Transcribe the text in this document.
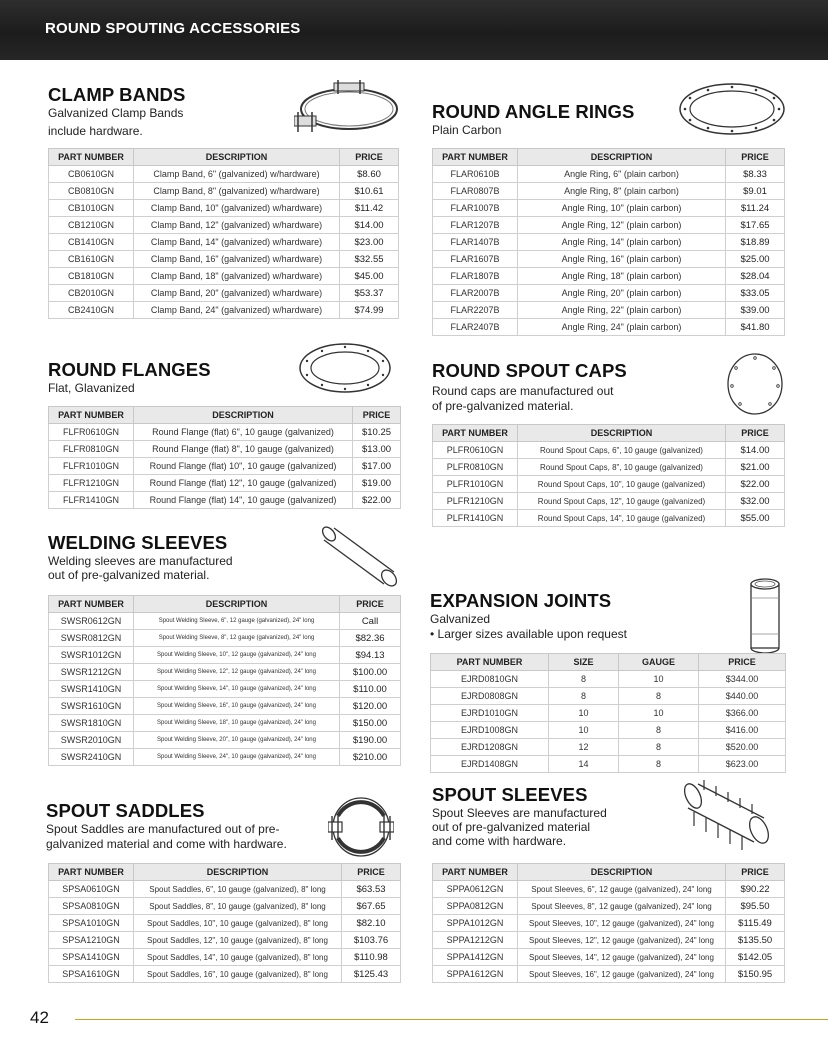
ROUND SPOUTING ACCESSORIES
CLAMP BANDS
Galvanized Clamp Bands
include hardware.
PART NUMBER	DESCRIPTION	PRICE
CB0610GN	Clamp Band, 6" (galvanized) w/hardware)	$8.60
CB0810GN	Clamp Band, 8" (galvanized) w/hardware)	$10.61
CB1010GN	Clamp Band, 10" (galvanized) w/hardware)	$11.42
CB1210GN	Clamp Band, 12" (galvanized) w/hardware)	$14.00
CB1410GN	Clamp Band, 14" (galvanized) w/hardware)	$23.00
CB1610GN	Clamp Band, 16" (galvanized) w/hardware)	$32.55
CB1810GN	Clamp Band, 18" (galvanized) w/hardware)	$45.00
CB2010GN	Clamp Band, 20" (galvanized) w/hardware)	$53.37
CB2410GN	Clamp Band, 24" (galvanized) w/hardware)	$74.99
ROUND ANGLE RINGS
Plain Carbon
PART NUMBER	DESCRIPTION	PRICE
FLAR0610B	Angle Ring, 6" (plain carbon)	$8.33
FLAR0807B	Angle Ring, 8" (plain carbon)	$9.01
FLAR1007B	Angle Ring, 10" (plain carbon)	$11.24
FLAR1207B	Angle Ring, 12" (plain carbon)	$17.65
FLAR1407B	Angle Ring, 14" (plain carbon)	$18.89
FLAR1607B	Angle Ring, 16" (plain carbon)	$25.00
FLAR1807B	Angle Ring, 18" (plain carbon)	$28.04
FLAR2007B	Angle Ring, 20" (plain carbon)	$33.05
FLAR2207B	Angle Ring, 22" (plain carbon)	$39.00
FLAR2407B	Angle Ring, 24" (plain carbon)	$41.80
ROUND FLANGES
Flat, Glavanized
PART NUMBER	DESCRIPTION	PRICE
FLFR0610GN	Round Flange (flat) 6", 10 gauge (galvanized)	$10.25
FLFR0810GN	Round Flange (flat) 8", 10 gauge (galvanized)	$13.00
FLFR1010GN	Round Flange (flat) 10", 10 gauge (galvanized)	$17.00
FLFR1210GN	Round Flange (flat) 12", 10 gauge (galvanized)	$19.00
FLFR1410GN	Round Flange (flat) 14", 10 gauge (galvanized)	$22.00
ROUND SPOUT CAPS
Round caps are manufactured out
of pre-galvanized material.
PART NUMBER	DESCRIPTION	PRICE
PLFR0610GN	Round Spout Caps, 6", 10 gauge (galvanized)	$14.00
PLFR0810GN	Round Spout Caps, 8", 10 gauge (galvanized)	$21.00
PLFR1010GN	Round Spout Caps, 10", 10 gauge (galvanized)	$22.00
PLFR1210GN	Round Spout Caps, 12", 10 gauge (galvanized)	$32.00
PLFR1410GN	Round Spout Caps, 14", 10 gauge (galvanized)	$55.00
WELDING SLEEVES
Welding sleeves are manufactured
out of pre-galvanized material.
PART NUMBER	DESCRIPTION	PRICE
SWSR0612GN	Spout Welding Sleeve, 6", 12 gauge (galvanized), 24" long	Call
SWSR0812GN	Spout Welding Sleeve, 8", 12 gauge (galvanized), 24" long	$82.36
SWSR1012GN	Spout Welding Sleeve, 10", 12 gauge (galvanized), 24" long	$94.13
SWSR1212GN	Spout Welding Sleeve, 12", 12 gauge (galvanized), 24" long	$100.00
SWSR1410GN	Spout Welding Sleeve, 14", 10 gauge (galvanized), 24" long	$110.00
SWSR1610GN	Spout Welding Sleeve, 16", 10 gauge (galvanized), 24" long	$120.00
SWSR1810GN	Spout Welding Sleeve, 18", 10 gauge (galvanized), 24" long	$150.00
SWSR2010GN	Spout Welding Sleeve, 20", 10 gauge (galvanized), 24" long	$190.00
SWSR2410GN	Spout Welding Sleeve, 24", 10 gauge (galvanized), 24" long	$210.00
EXPANSION JOINTS
Galvanized
• Larger sizes available upon request
PART NUMBER	SIZE	GAUGE	PRICE
EJRD0810GN	8	10	$344.00
EJRD0808GN	8	8	$440.00
EJRD1010GN	10	10	$366.00
EJRD1008GN	10	8	$416.00
EJRD1208GN	12	8	$520.00
EJRD1408GN	14	8	$623.00
SPOUT SADDLES
Spout Saddles are manufactured out of pre-
galvanized material and come with hardware.
PART NUMBER	DESCRIPTION	PRICE
SPSA0610GN	Spout Saddles, 6", 10 gauge (galvanized), 8" long	$63.53
SPSA0810GN	Spout Saddles, 8", 10 gauge (galvanized), 8" long	$67.65
SPSA1010GN	Spout Saddles, 10", 10 gauge (galvanized), 8" long	$82.10
SPSA1210GN	Spout Saddles, 12", 10 gauge (galvanized), 8" long	$103.76
SPSA1410GN	Spout Saddles, 14", 10 gauge (galvanized), 8" long	$110.98
SPSA1610GN	Spout Saddles, 16", 10 gauge (galvanized), 8" long	$125.43
SPOUT SLEEVES
Spout Sleeves are manufactured
out of pre-galvanized material
and come with hardware.
PART NUMBER	DESCRIPTION	PRICE
SPPA0612GN	Spout Sleeves, 6", 12 gauge (galvanized), 24" long	$90.22
SPPA0812GN	Spout Sleeves, 8", 12 gauge (galvanized), 24" long	$95.50
SPPA1012GN	Spout Sleeves, 10", 12 gauge (galvanized), 24" long	$115.49
SPPA1212GN	Spout Sleeves, 12", 12 gauge (galvanized), 24" long	$135.50
SPPA1412GN	Spout Sleeves, 14", 12 gauge (galvanized), 24" long	$142.05
SPPA1612GN	Spout Sleeves, 16", 12 gauge (galvanized), 24" long	$150.95
42
